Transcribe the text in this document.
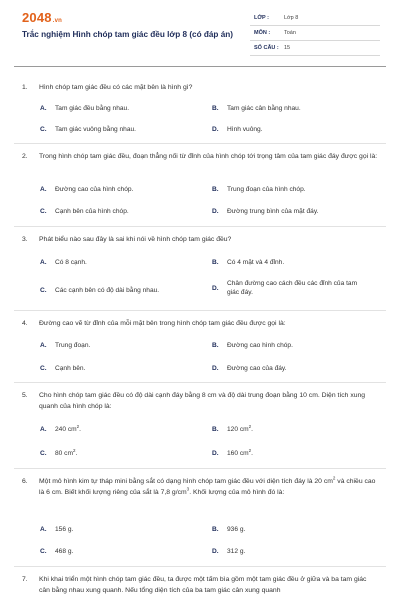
2048.vn
Trắc nghiệm Hình chóp tam giác đều lớp 8 (có đáp án)
LỚP :	Lớp 8
MÔN :	Toán
SỐ CÂU : 15
1. Hình chóp tam giác đều có các mặt bên là hình gì?
A. Tam giác đều bằng nhau.	B. Tam giác cân bằng nhau.
C. Tam giác vuông bằng nhau.	D. Hình vuông.
2. Trong hình chóp tam giác đều, đoạn thẳng nối từ đỉnh của hình chóp tới trọng tâm của tam giác đáy được gọi là:
A. Đường cao của hình chóp.	B. Trung đoạn của hình chóp.
C. Cạnh bên của hình chóp.	D. Đường trung bình của mặt đáy.
3. Phát biểu nào sau đây là sai khi nói về hình chóp tam giác đều?
A. Có 8 cạnh.	B. Có 4 mặt và 4 đỉnh.
C. Các cạnh bên có độ dài bằng nhau.	D.
Chân đường cao cách đều các đỉnh của tam giác đáy.
4. Đường cao vẽ từ đỉnh của mỗi mặt bên trong hình chóp tam giác đều được gọi là:
A. Trung đoạn.	B. Đường cao hình chóp.
C. Cạnh bên.	D. Đường cao của đáy.
5. Cho hình chóp tam giác đều có độ dài cạnh đáy bằng 8 cm và độ dài trung đoạn bằng 10 cm. Diện tích xung quanh của hình chóp là:
A. 240 $cm^2$.	B. 120 $cm^2$.
C. 80 $cm^2$.	D. 160 $cm^2$.
6. Một mô hình kim tự tháp mini bằng sắt có dạng hình chóp tam giác đều với diện tích đáy là 20 $cm^2$ và chiều cao là 6 cm. Biết khối lượng riêng của sắt là 7,8 $g/cm^3$. Khối lượng của mô hình đó là:
A. 156 g.	B. 936 g.
C. 468 g.	D. 312 g.
7. Khi khai triển một hình chóp tam giác đều, ta được một tấm bìa gồm một tam giác đều ở giữa và ba tam giác cân bằng nhau xung quanh. Nếu tổng diện tích của ba tam giác cân xung quanh
